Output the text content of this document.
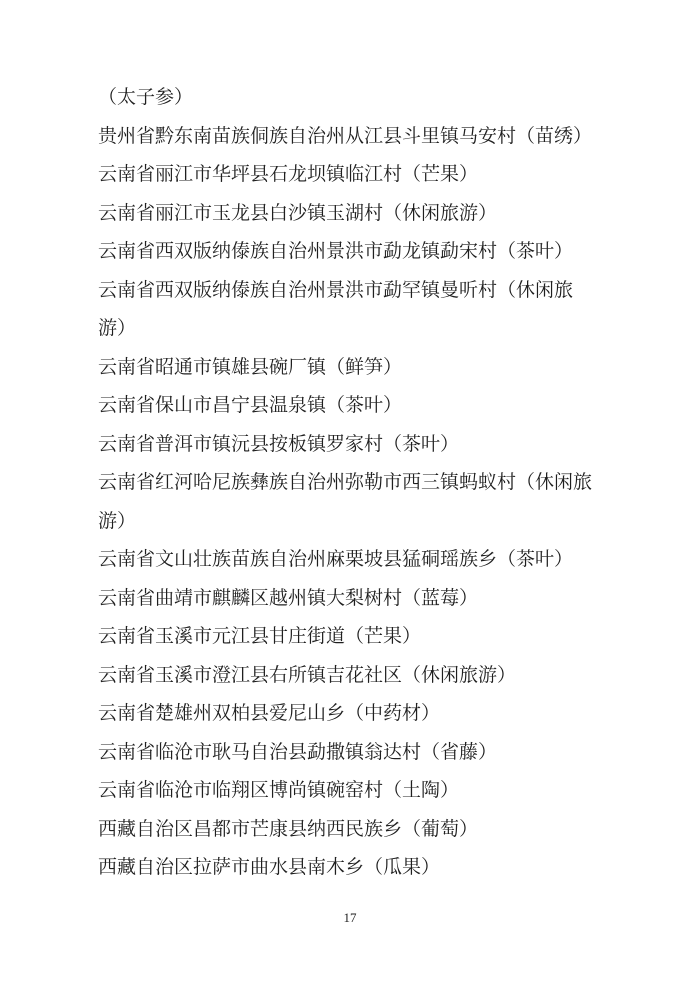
（太子参）

贵州省黔东南苗族侗族自治州从江县斗里镇马安村（苗绣）

云南省丽江市华坪县石龙坝镇临江村（芒果）

云南省丽江市玉龙县白沙镇玉湖村（休闲旅游）

云南省西双版纳傣族自治州景洪市勐龙镇勐宋村（茶叶）

云南省西双版纳傣族自治州景洪市勐罕镇曼听村（休闲旅游）

云南省昭通市镇雄县碗厂镇（鲜笋）

云南省保山市昌宁县温泉镇（茶叶）

云南省普洱市镇沅县按板镇罗家村（茶叶）

云南省红河哈尼族彝族自治州弥勒市西三镇蚂蚁村（休闲旅游）

云南省文山壮族苗族自治州麻栗坡县猛硐瑶族乡（茶叶）

云南省曲靖市麒麟区越州镇大梨树村（蓝莓）

云南省玉溪市元江县甘庄街道（芒果）

云南省玉溪市澄江县右所镇吉花社区（休闲旅游）

云南省楚雄州双柏县爱尼山乡（中药材）

云南省临沧市耿马自治县勐撒镇翁达村（省藤）

云南省临沧市临翔区博尚镇碗窑村（土陶）

西藏自治区昌都市芒康县纳西民族乡（葡萄）

西藏自治区拉萨市曲水县南木乡（瓜果）

17
